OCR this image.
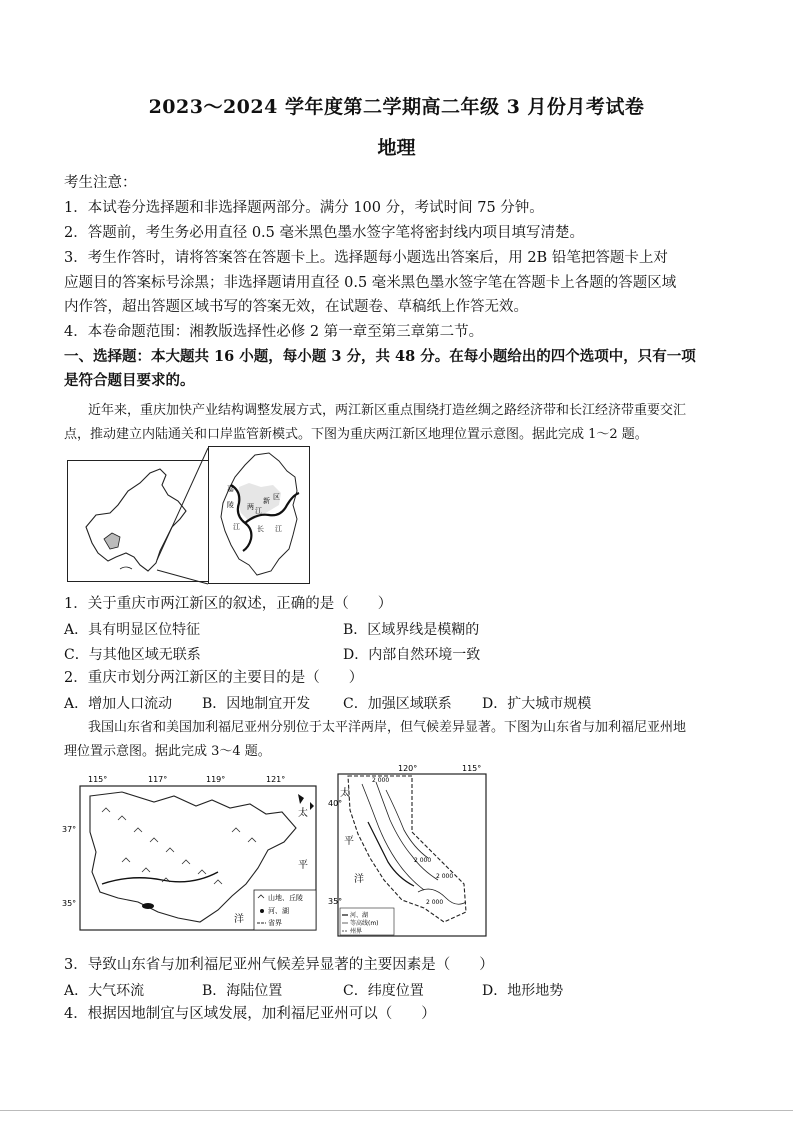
2023～2024 学年度第二学期高二年级 3 月份月考试卷
地理
考生注意：
1．本试卷分选择题和非选择题两部分。满分 100 分，考试时间 75 分钟。
2．答题前，考生务必用直径 0.5 毫米黑色墨水签字笔将密封线内项目填写清楚。
3．考生作答时，请将答案答在答题卡上。选择题每小题选出答案后，用 2B 铅笔把答题卡上对
应题目的答案标号涂黑；非选择题请用直径 0.5 毫米黑色墨水签字笔在答题卡上各题的答题区域
内作答，超出答题区域书写的答案无效，在试题卷、草稿纸上作答无效。
4．本卷命题范围：湘教版选择性必修 2 第一章至第三章第二节。
一、选择题：本大题共 16 小题，每小题 3 分，共 48 分。在每小题给出的四个选项中，只有一项
是符合题目要求的。
近年来，重庆加快产业结构调整发展方式，两江新区重点围绕打造丝绸之路经济带和长江经济带重要交汇
点，推动建立内陆通关和口岸监管新模式。下图为重庆两江新区地理位置示意图。据此完成 1～2 题。
嘉
陵
江
两 江
新 区
长 江
1．关于重庆市两江新区的叙述，正确的是（　　）
A．具有明显区位特征	B．区域界线是模糊的
C．与其他区域无联系	D．内部自然环境一致
2．重庆市划分两江新区的主要目的是（　　）
A．增加人口流动 B．因地制宜开发 C．加强区域联系 D．扩大城市规模
我国山东省和美国加利福尼亚州分别位于太平洋两岸，但气候差异显著。下图为山东省与加利福尼亚州地
理位置示意图。据此完成 3～4 题。
115°	117°	119°	121°
37°
35°
太
平
洋
山地、丘陵
河、湖
省界
120°	115°
40°
35°
2 000
2 000
2 000
2 000
太
平
洋
河、湖
等高线(m)
州界
3．导致山东省与加利福尼亚州气候差异显著的主要因素是（　　）
A．大气环流	B．海陆位置	C．纬度位置	D．地形地势
4．根据因地制宜与区域发展，加利福尼亚州可以（　　）
